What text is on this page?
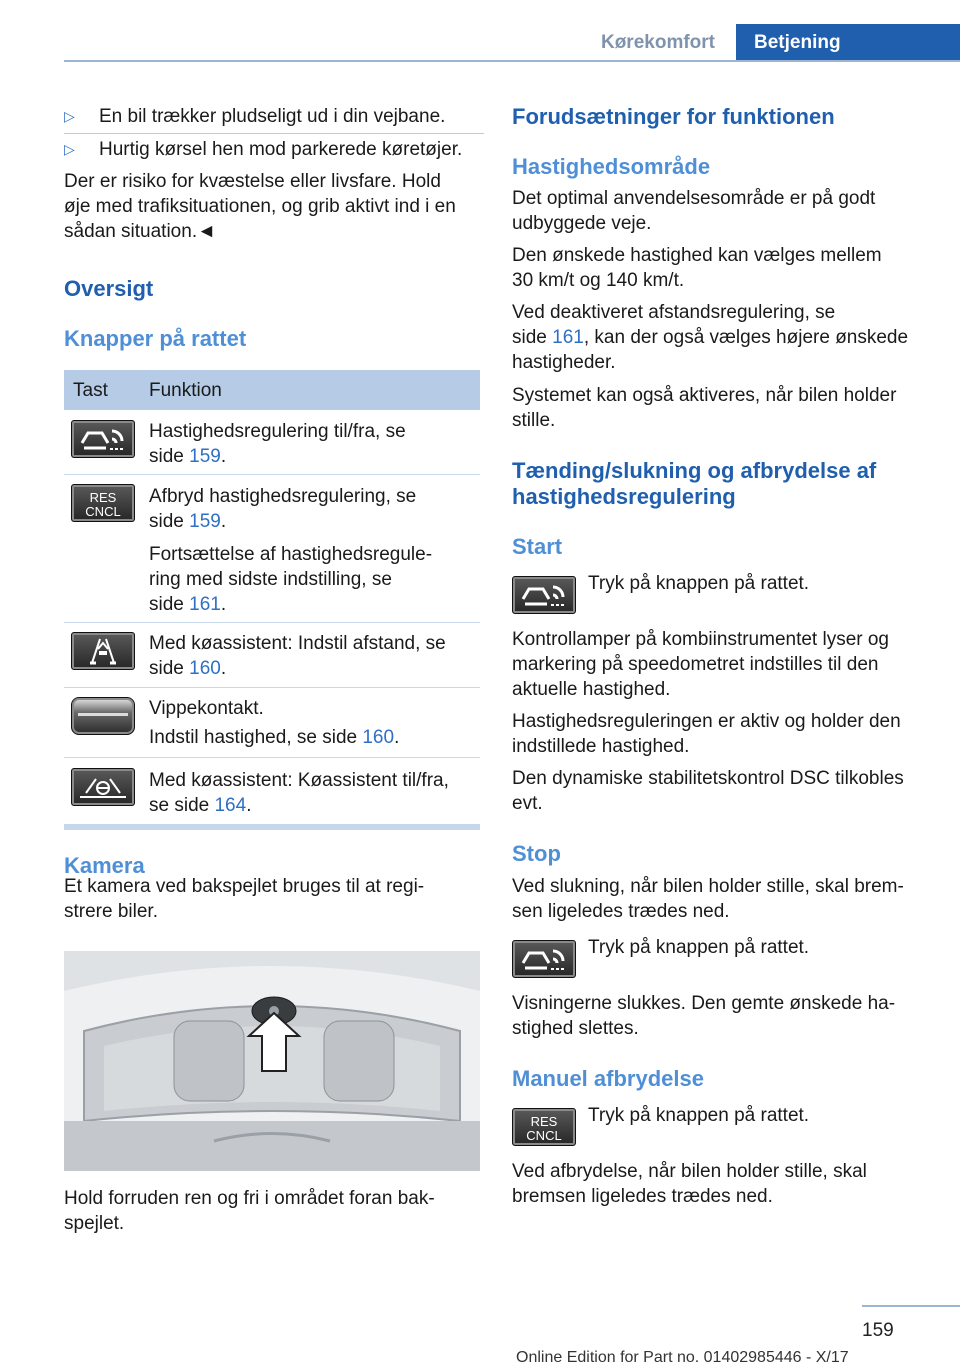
Kørekomfort	Betjening
▷ En bil trækker pludseligt ud i din vejbane.
▷ Hurtig kørsel hen mod parkerede køretøjer.
Der er risiko for kvæstelse eller livsfare. Hold
øje med trafiksituationen, og grib aktivt ind i en
sådan situation.◄
Oversigt
Knapper på rattet
Tast Funktion
Hastighedsregulering til/fra, se
side 159.
RES
CNCL
Afbryd hastighedsregulering, se
side 159.
Fortsættelse af hastighedsregule-
ring med sidste indstilling, se
side 161.
Med køassistent: Indstil afstand, se
side 160.
Vippekontakt.
Indstil hastighed, se side 160.
Med køassistent: Køassistent til/fra,
se side 164.
Kamera
Et kamera ved bakspejlet bruges til at regi-
strere biler.
Hold forruden ren og fri i området foran bak-
spejlet.
Forudsætninger for funktionen
Hastighedsområde
Det optimal anvendelsesområde er på godt
udbyggede veje.
Den ønskede hastighed kan vælges mellem
30 km/t og 140 km/t.
Ved deaktiveret afstandsregulering, se
side 161, kan der også vælges højere ønskede
hastigheder.
Systemet kan også aktiveres, når bilen holder
stille.
Tænding/slukning og afbrydelse af
hastighedsregulering
Start
Tryk på knappen på rattet.
Kontrollamper på kombiinstrumentet lyser og
markering på speedometret indstilles til den
aktuelle hastighed.
Hastighedsreguleringen er aktiv og holder den
indstillede hastighed.
Den dynamiske stabilitetskontrol DSC tilkobles
evt.
Stop
Ved slukning, når bilen holder stille, skal brem-
sen ligeledes trædes ned.
Tryk på knappen på rattet.
Visningerne slukkes. Den gemte ønskede ha-
stighed slettes.
Manuel afbrydelse
RES
CNCL
Tryk på knappen på rattet.
Ved afbrydelse, når bilen holder stille, skal
bremsen ligeledes trædes ned.
159
Online Edition for Part no. 01402985446 - X/17
